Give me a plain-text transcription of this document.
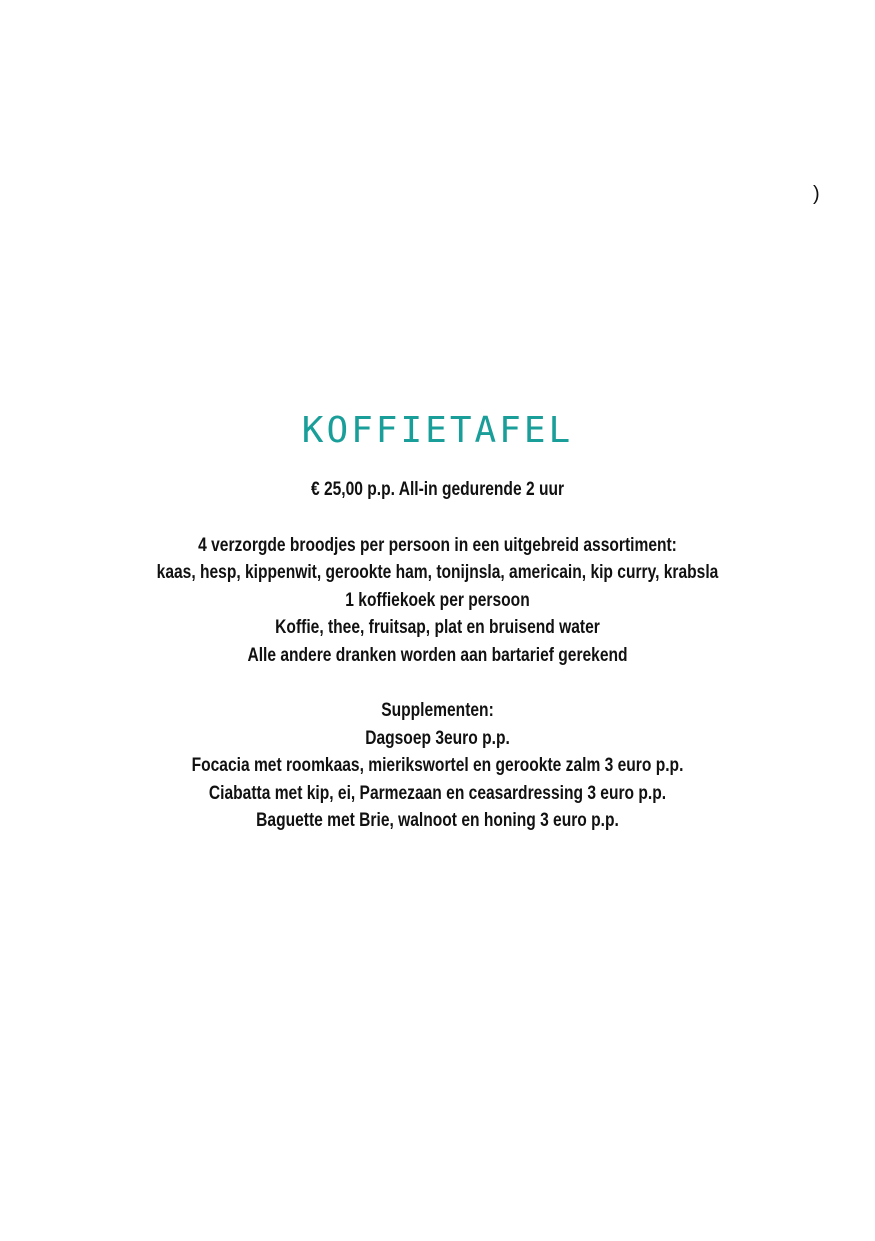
)
KOFFIETAFEL
€ 25,00 p.p. All-in gedurende 2 uur
4 verzorgde broodjes per persoon in een uitgebreid assortiment:
kaas, hesp, kippenwit, gerookte ham, tonijnsla, americain, kip curry, krabsla
1 koffiekoek per persoon
Koffie, thee, fruitsap, plat en bruisend water
Alle andere dranken worden aan bartarief gerekend
Supplementen:
Dagsoep 3euro p.p.
Focacia met roomkaas, mierikswortel en gerookte zalm 3 euro p.p.
Ciabatta met kip, ei, Parmezaan en ceasardressing 3 euro p.p.
Baguette met Brie, walnoot en honing 3 euro p.p.
